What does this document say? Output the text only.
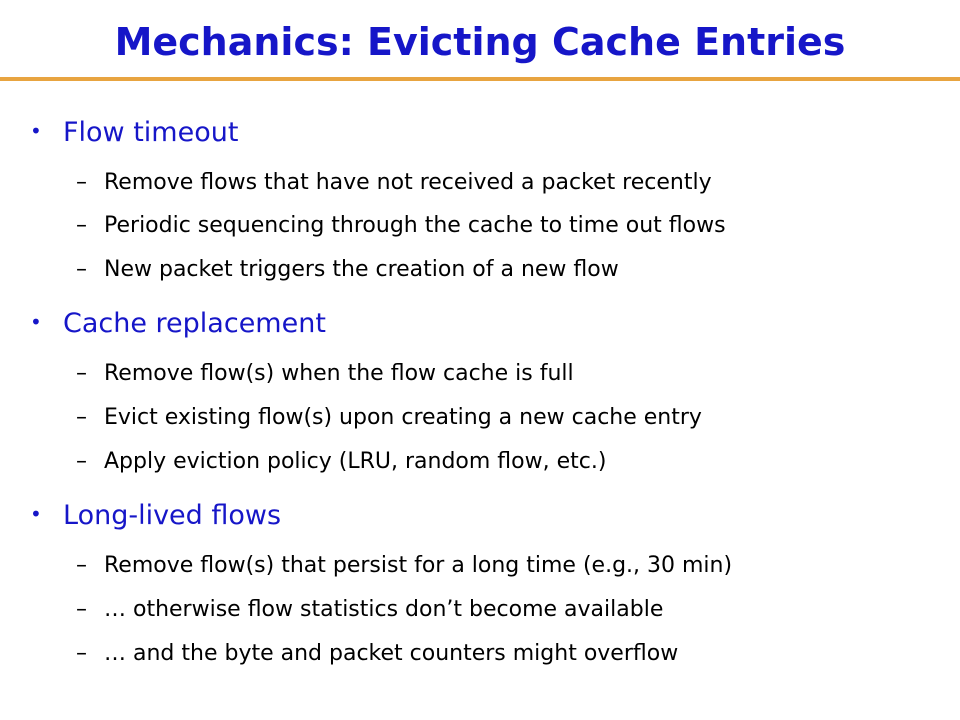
Mechanics: Evicting Cache Entries
• Flow timeout
– Remove flows that have not received a packet recently
– Periodic sequencing through the cache to time out flows
– New packet triggers the creation of a new flow
• Cache replacement
– Remove flow(s) when the flow cache is full
– Evict existing flow(s) upon creating a new cache entry
– Apply eviction policy (LRU, random flow, etc.)
• Long-lived flows
– Remove flow(s) that persist for a long time (e.g., 30 min)
– … otherwise flow statistics don’t become available
– … and the byte and packet counters might overflow
